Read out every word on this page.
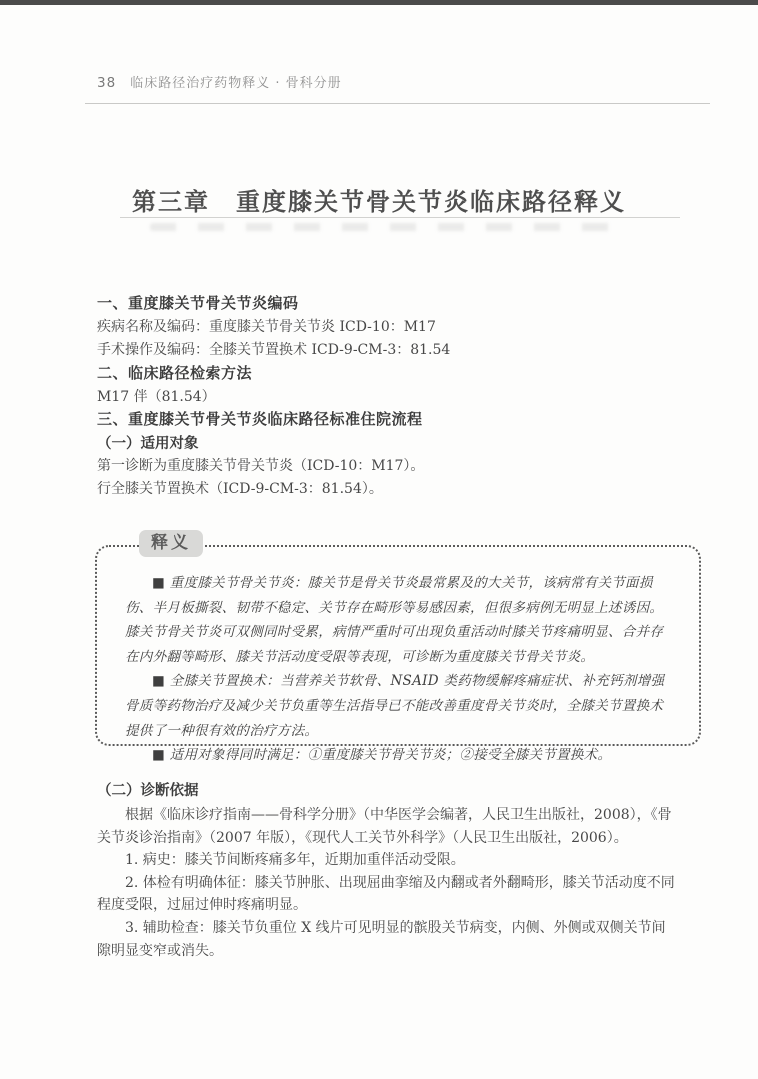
38 临床路径治疗药物释义 · 骨科分册
第三章　重度膝关节骨关节炎临床路径释义
一、重度膝关节骨关节炎编码
疾病名称及编码：重度膝关节骨关节炎 ICD-10：M17
手术操作及编码：全膝关节置换术 ICD-9-CM-3：81.54
二、临床路径检索方法
M17 伴（81.54）
三、重度膝关节骨关节炎临床路径标准住院流程
（一）适用对象
第一诊断为重度膝关节骨关节炎（ICD-10：M17）。
行全膝关节置换术（ICD-9-CM-3：81.54）。
释义

■ 重度膝关节骨关节炎：膝关节是骨关节炎最常累及的大关节，该病常有关节面损伤、半月板撕裂、韧带不稳定、关节存在畸形等易感因素，但很多病例无明显上述诱因。膝关节骨关节炎可双侧同时受累，病情严重时可出现负重活动时膝关节疼痛明显、合并存在内外翻等畸形、膝关节活动度受限等表现，可诊断为重度膝关节骨关节炎。

■ 全膝关节置换术：当营养关节软骨、NSAID 类药物缓解疼痛症状、补充钙剂增强骨质等药物治疗及减少关节负重等生活指导已不能改善重度骨关节炎时，全膝关节置换术提供了一种很有效的治疗方法。

■ 适用对象得同时满足：①重度膝关节骨关节炎；②接受全膝关节置换术。

（二）诊断依据

根据《临床诊疗指南——骨科学分册》（中华医学会编著，人民卫生出版社，2008），《骨关节炎诊治指南》（2007 年版），《现代人工关节外科学》（人民卫生出版社，2006）。

1. 病史：膝关节间断疼痛多年，近期加重伴活动受限。

2. 体检有明确体征：膝关节肿胀、出现屈曲挛缩及内翻或者外翻畸形，膝关节活动度不同程度受限，过屈过伸时疼痛明显。

3. 辅助检查：膝关节负重位 X 线片可见明显的髌股关节病变，内侧、外侧或双侧关节间隙明显变窄或消失。
